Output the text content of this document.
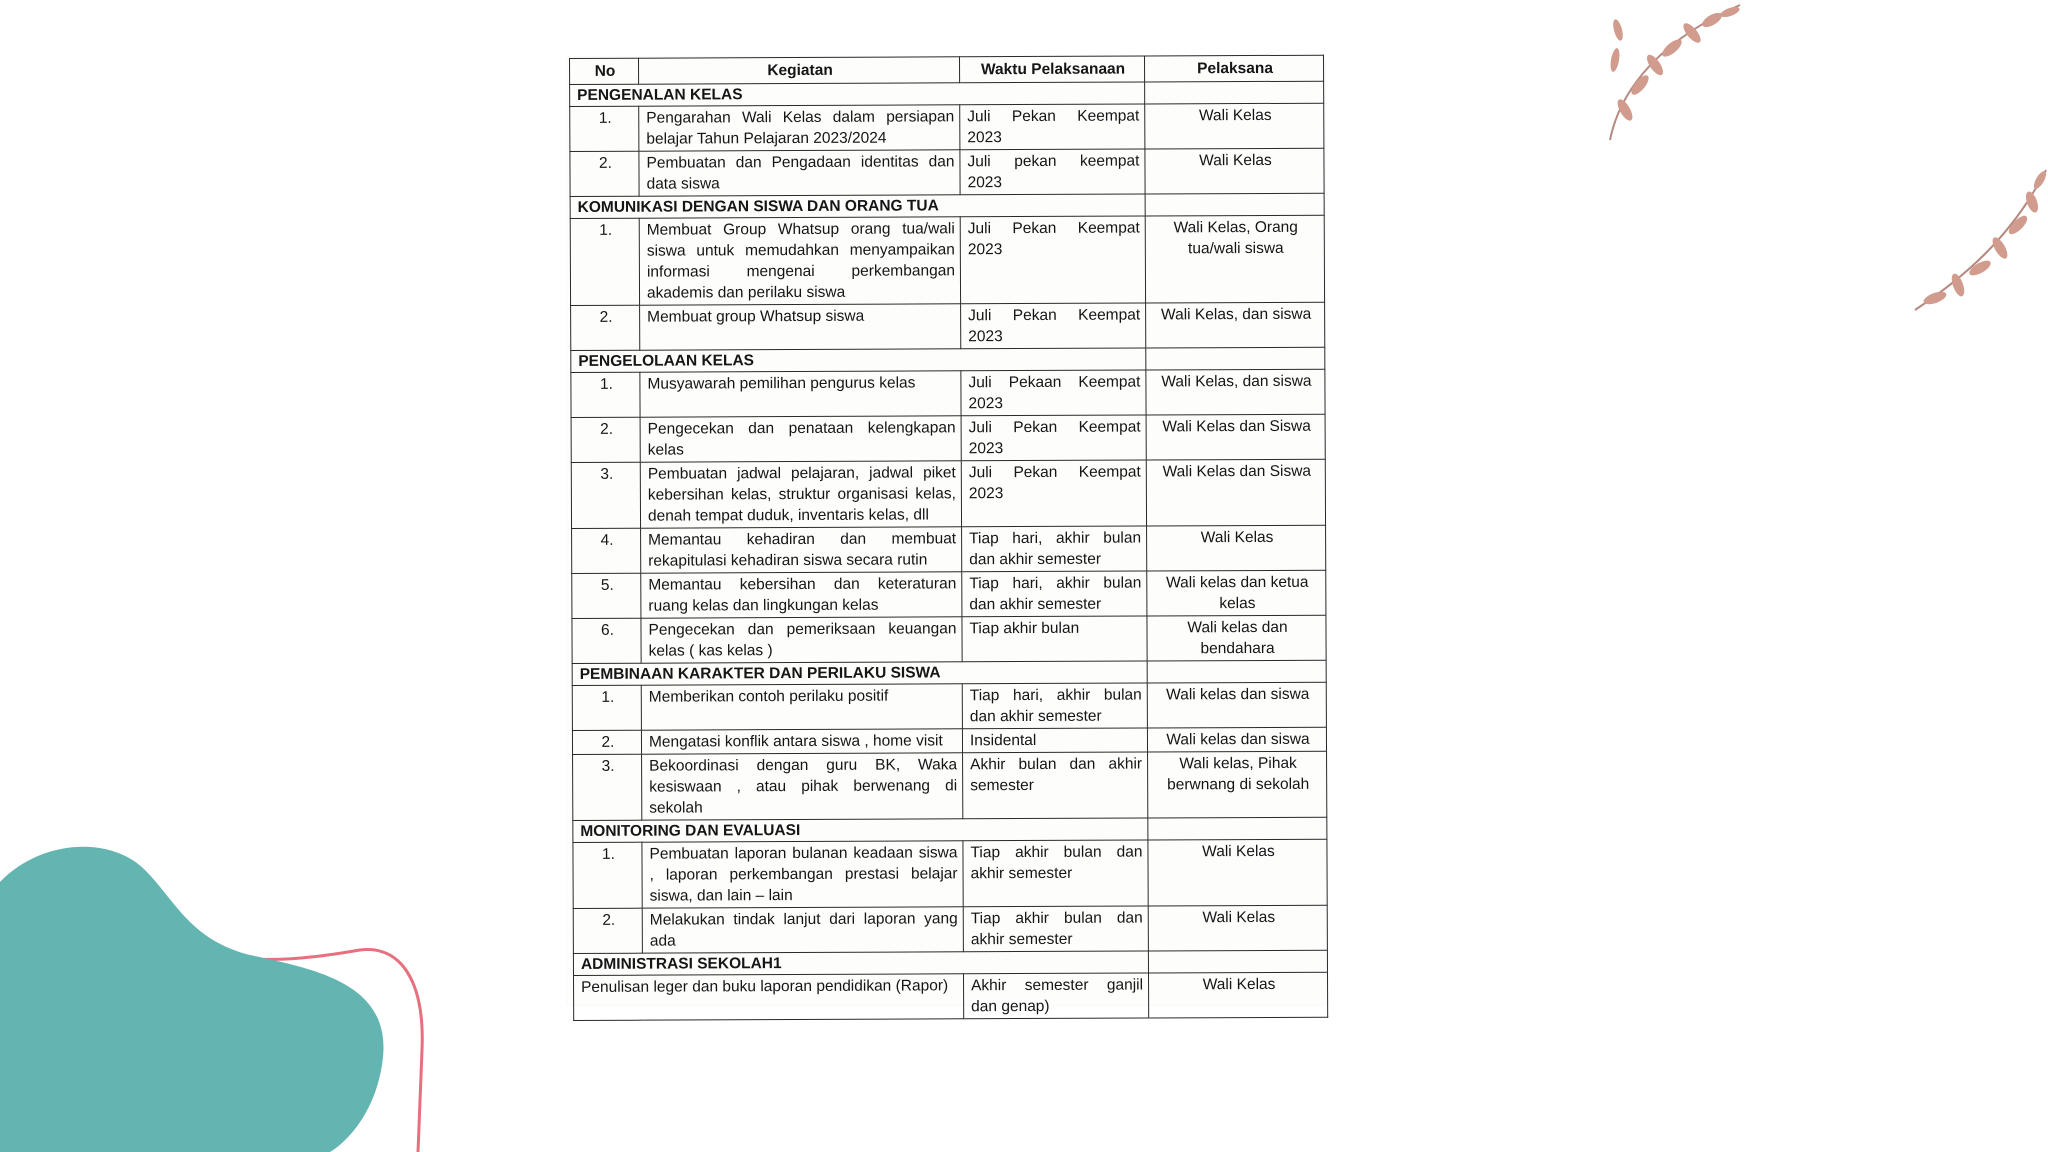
No	Kegiatan	Waktu Pelaksanaan	Pelaksana
PENGENALAN KELAS			
1.	Pengarahan Wali Kelas dalam persiapan belajar Tahun Pelajaran 2023/2024	Juli Pekan Keempat 2023	Wali Kelas
2.	Pembuatan dan Pengadaan identitas dan data siswa	Juli pekan keempat 2023	Wali Kelas
KOMUNIKASI DENGAN SISWA DAN ORANG TUA			
1.	Membuat Group Whatsup orang tua/wali siswa untuk memudahkan menyampaikan informasi mengenai perkembangan akademis dan perilaku siswa	Juli Pekan Keempat 2023	Wali Kelas, Orang tua/wali siswa
2.	Membuat group Whatsup siswa	Juli Pekan Keempat 2023	Wali Kelas, dan siswa
PENGELOLAAN KELAS			
1.	Musyawarah pemilihan pengurus kelas	Juli Pekaan Keempat 2023	Wali Kelas, dan siswa
2.	Pengecekan dan penataan kelengkapan kelas	Juli Pekan Keempat 2023	Wali Kelas dan Siswa
3.	Pembuatan jadwal pelajaran, jadwal piket kebersihan kelas, struktur organisasi kelas, denah tempat duduk, inventaris kelas, dll	Juli Pekan Keempat 2023	Wali Kelas dan Siswa
4.	Memantau kehadiran dan membuat rekapitulasi kehadiran siswa secara rutin	Tiap hari, akhir bulan dan akhir semester	Wali Kelas
5.	Memantau kebersihan dan keteraturan ruang kelas dan lingkungan kelas	Tiap hari, akhir bulan dan akhir semester	Wali kelas dan ketua kelas
6.	Pengecekan dan pemeriksaan keuangan kelas ( kas kelas )	Tiap akhir bulan	Wali kelas dan bendahara
PEMBINAAN KARAKTER DAN PERILAKU SISWA			
1.	Memberikan contoh perilaku positif	Tiap hari, akhir bulan dan akhir semester	Wali kelas dan siswa
2.	Mengatasi konflik antara siswa , home visit	Insidental	Wali kelas dan siswa
3.	Bekoordinasi dengan guru BK, Waka kesiswaan , atau pihak berwenang di sekolah	Akhir bulan dan akhir semester	Wali kelas, Pihak berwnang di sekolah
MONITORING DAN EVALUASI			
1.	Pembuatan laporan bulanan keadaan siswa , laporan perkembangan prestasi belajar siswa, dan lain – lain	Tiap akhir bulan dan akhir semester	Wali Kelas
2.	Melakukan tindak lanjut dari laporan yang ada	Tiap akhir bulan dan akhir semester	Wali Kelas
ADMINISTRASI SEKOLAH1			
Penulisan leger dan buku laporan pendidikan (Rapor)		Akhir semester ganjil dan genap)	Wali Kelas
